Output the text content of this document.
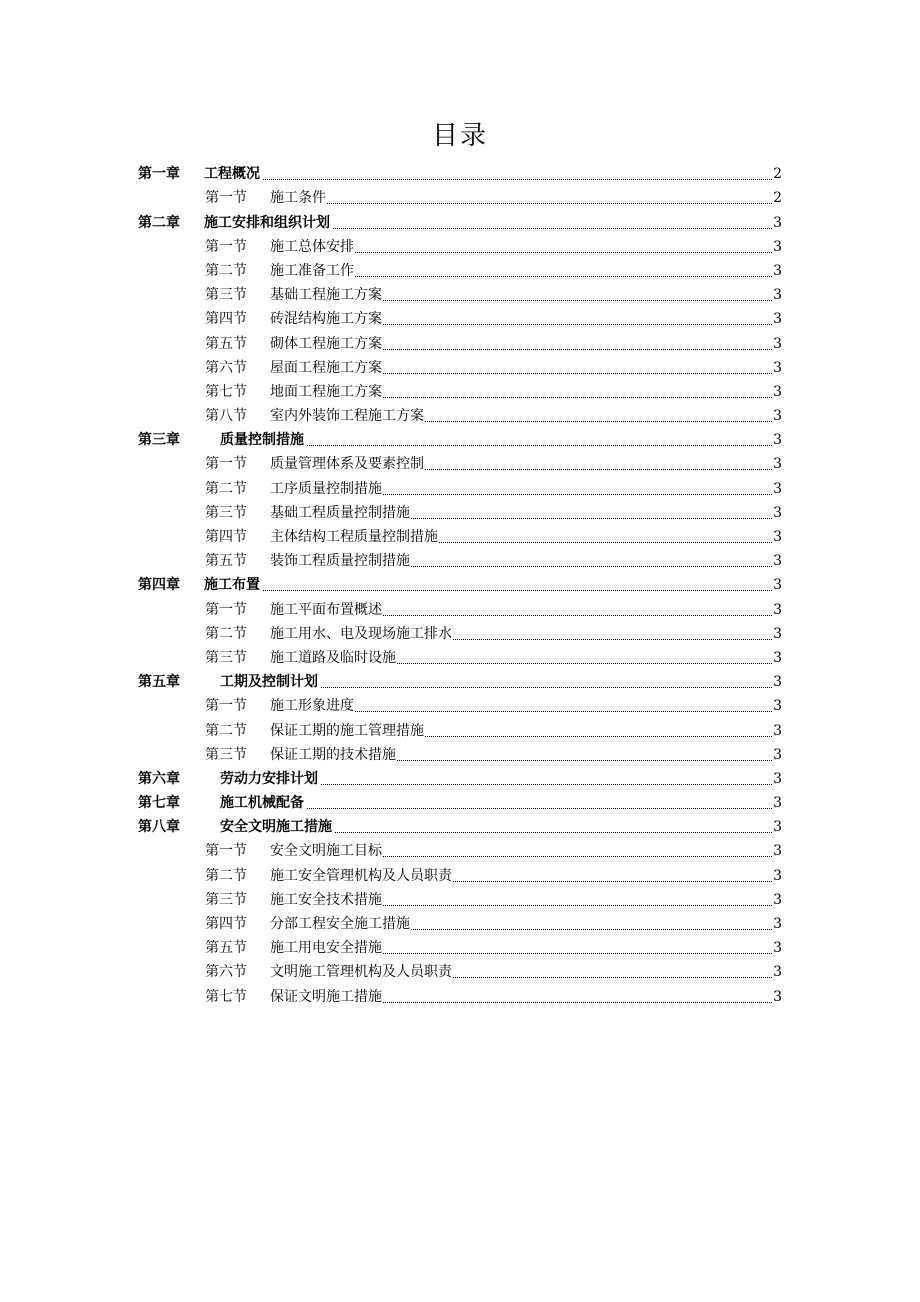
目录
第一章	工程概况	2
第一节	施工条件	2
第二章	施工安排和组织计划	3
第一节	施工总体安排	3
第二节	施工准备工作	3
第三节	基础工程施工方案	3
第四节	砖混结构施工方案	3
第五节	砌体工程施工方案	3
第六节	屋面工程施工方案	3
第七节	地面工程施工方案	3
第八节	室内外装饰工程施工方案	3
第三章	质量控制措施	3
第一节	质量管理体系及要素控制	3
第二节	工序质量控制措施	3
第三节	基础工程质量控制措施	3
第四节	主体结构工程质量控制措施	3
第五节	装饰工程质量控制措施	3
第四章	施工布置	3
第一节	施工平面布置概述	3
第二节	施工用水、电及现场施工排水	3
第三节	施工道路及临时设施	3
第五章	工期及控制计划	3
第一节	施工形象进度	3
第二节	保证工期的施工管理措施	3
第三节	保证工期的技术措施	3
第六章	劳动力安排计划	3
第七章	施工机械配备	3
第八章	安全文明施工措施	3
第一节	安全文明施工目标	3
第二节	施工安全管理机构及人员职责	3
第三节	施工安全技术措施	3
第四节	分部工程安全施工措施	3
第五节	施工用电安全措施	3
第六节	文明施工管理机构及人员职责	3
第七节	保证文明施工措施	3
